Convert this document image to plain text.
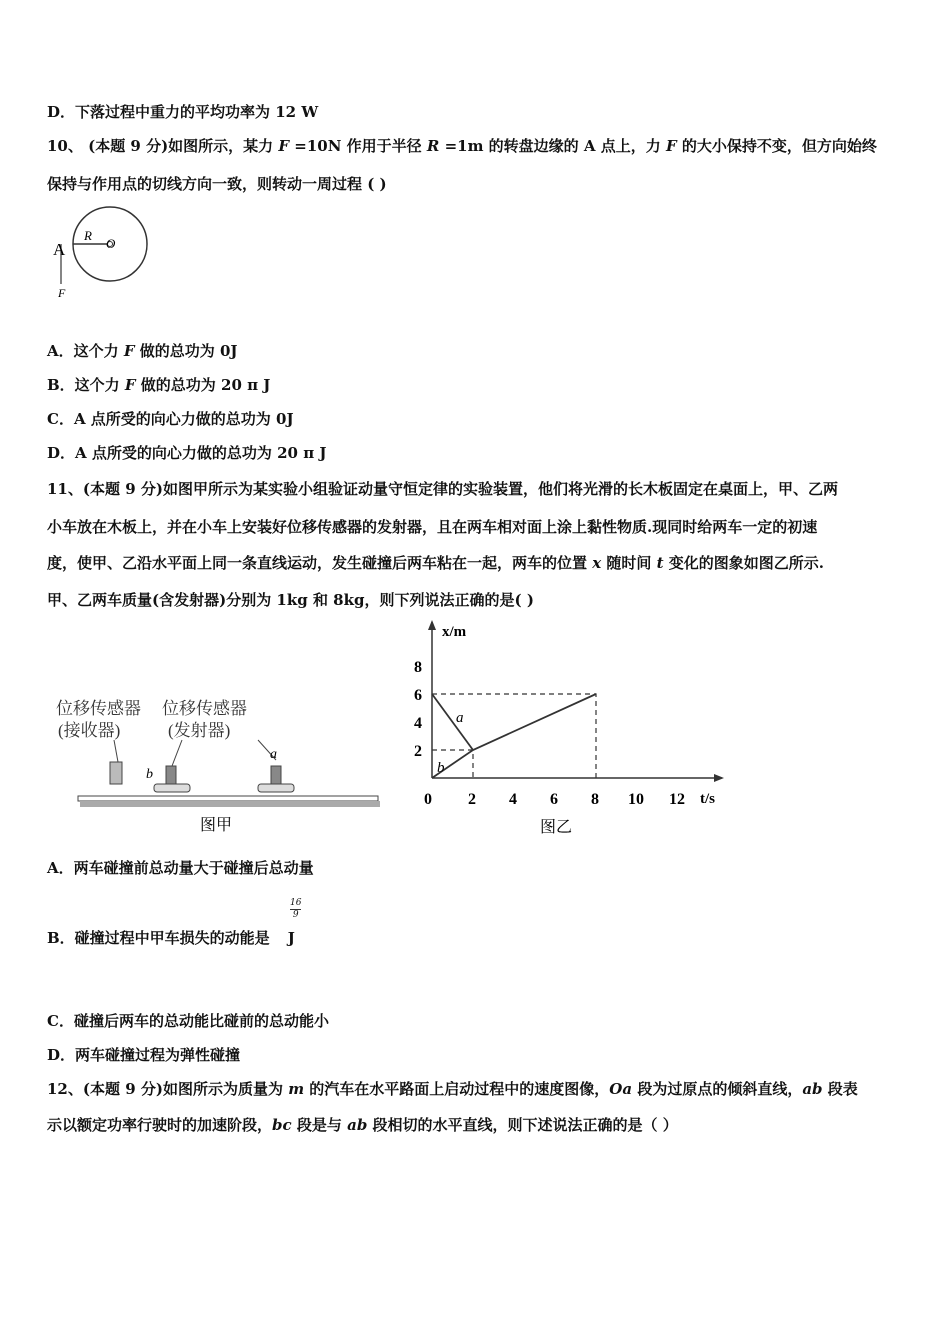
D．下落过程中重力的平均功率为 12 W
10、 (本题 9 分)如图所示，某力 F =10N 作用于半径 R =1m 的转盘边缘的 A 点上，力 F 的大小保持不变，但方向始终
保持与作用点的切线方向一致，则转动一周过程 ( )
A
R
O
F
A．这个力 F 做的总功为 0J
B．这个力 F 做的总功为 20 π J
C．A 点所受的向心力做的总功为 0J
D．A 点所受的向心力做的总功为 20 π J
11、(本题 9 分)如图甲所示为某实验小组验证动量守恒定律的实验装置，他们将光滑的长木板固定在桌面上，甲、乙两
小车放在木板上，并在小车上安装好位移传感器的发射器，且在两车相对面上涂上黏性物质.现同时给两车一定的初速
度，使甲、乙沿水平面上同一条直线运动，发生碰撞后两车粘在一起，两车的位置 x 随时间 t 变化的图象如图乙所示.
甲、乙两车质量(含发射器)分别为 1kg 和 8kg，则下列说法正确的是( )
位移传感器
(接收器)
位移传感器
(发射器)
b
a
图甲
x/m
t/s
2
4
6
8
0 2 4 6 8 10 12
a
b
图乙
A．两车碰撞前总动量大于碰撞后总动量
$\frac{16}{9}$
B．碰撞过程中甲车损失的动能是 J
C．碰撞后两车的总动能比碰前的总动能小
D．两车碰撞过程为弹性碰撞
12、(本题 9 分)如图所示为质量为 m 的汽车在水平路面上启动过程中的速度图像，Oa 段为过原点的倾斜直线，ab 段表
示以额定功率行驶时的加速阶段，bc 段是与 ab 段相切的水平直线，则下述说法正确的是（ ）
